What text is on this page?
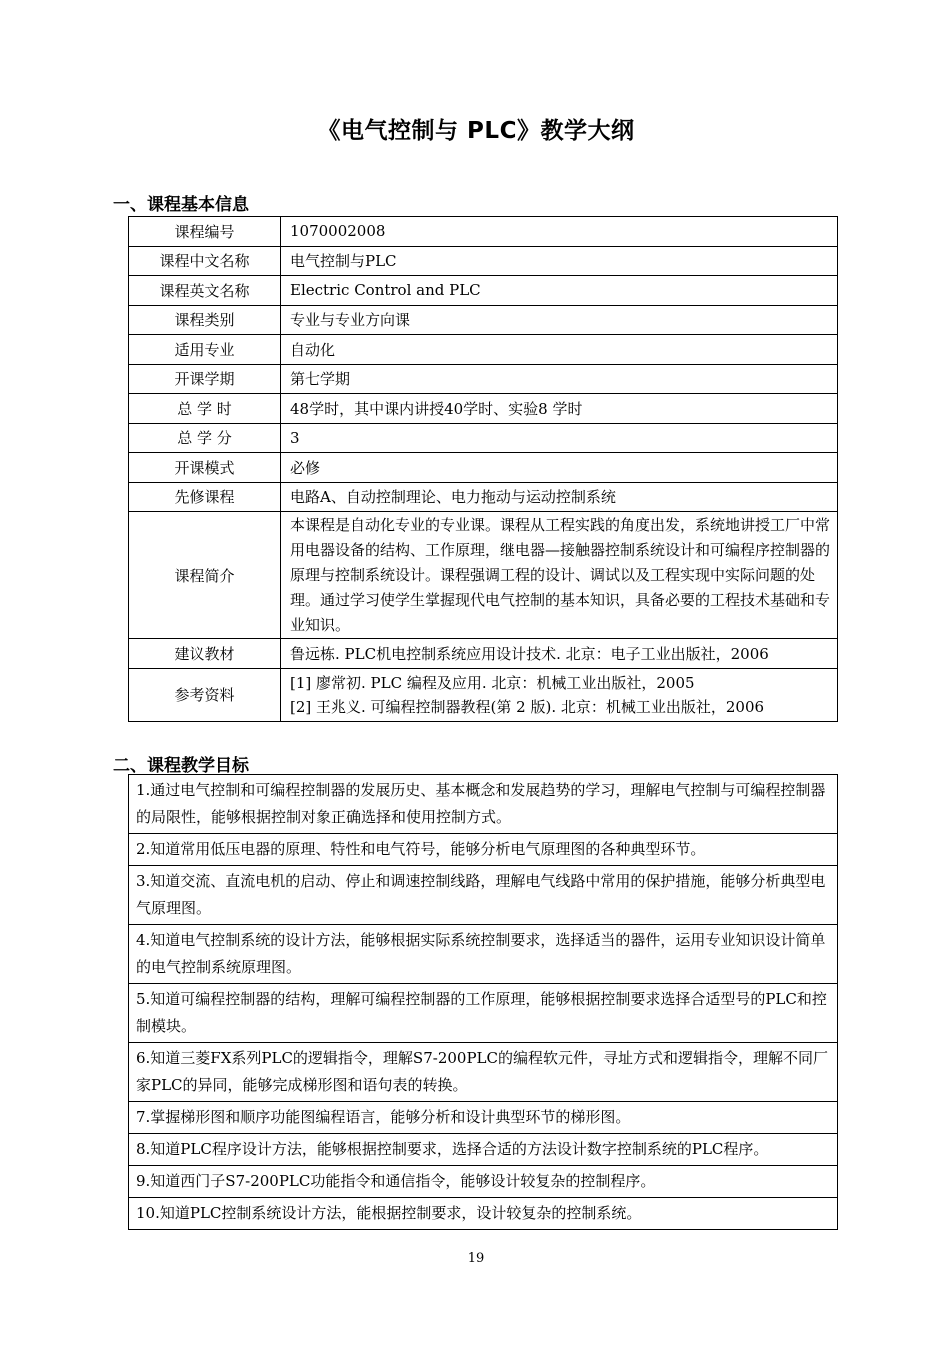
《电气控制与 PLC》教学大纲
一、课程基本信息
课程编号	1070002008
课程中文名称	电气控制与PLC
课程英文名称	Electric Control and PLC
课程类别	专业与专业方向课
适用专业	自动化
开课学期	第七学期
总 学 时	48学时，其中课内讲授40学时、实验8 学时
总 学 分	3
开课模式	必修
先修课程	电路A、自动控制理论、电力拖动与运动控制系统
课程简介	本课程是自动化专业的专业课。课程从工程实践的角度出发，系统地讲授工厂中常用电器设备的结构、工作原理，继电器—接触器控制系统设计和可编程序控制器的原理与控制系统设计。课程强调工程的设计、调试以及工程实现中实际问题的处理。通过学习使学生掌握现代电气控制的基本知识，具备必要的工程技术基础和专业知识。
建议教材	鲁远栋. PLC机电控制系统应用设计技术. 北京：电子工业出版社，2006
参考资料	[1] 廖常初. PLC 编程及应用. 北京：机械工业出版社，2005
[2] 王兆义. 可编程控制器教程(第 2 版). 北京：机械工业出版社，2006
二、课程教学目标
1.通过电气控制和可编程控制器的发展历史、基本概念和发展趋势的学习，理解电气控制与可编程控制器的局限性，能够根据控制对象正确选择和使用控制方式。
2.知道常用低压电器的原理、特性和电气符号，能够分析电气原理图的各种典型环节。
3.知道交流、直流电机的启动、停止和调速控制线路，理解电气线路中常用的保护措施，能够分析典型电气原理图。
4.知道电气控制系统的设计方法，能够根据实际系统控制要求，选择适当的器件，运用专业知识设计简单的电气控制系统原理图。
5.知道可编程控制器的结构，理解可编程控制器的工作原理，能够根据控制要求选择合适型号的PLC和控制模块。
6.知道三菱FX系列PLC的逻辑指令，理解S7-200PLC的编程软元件，寻址方式和逻辑指令，理解不同厂家PLC的异同，能够完成梯形图和语句表的转换。
7.掌握梯形图和顺序功能图编程语言，能够分析和设计典型环节的梯形图。
8.知道PLC程序设计方法，能够根据控制要求，选择合适的方法设计数字控制系统的PLC程序。
9.知道西门子S7-200PLC功能指令和通信指令，能够设计较复杂的控制程序。
10.知道PLC控制系统设计方法，能根据控制要求，设计较复杂的控制系统。
19
